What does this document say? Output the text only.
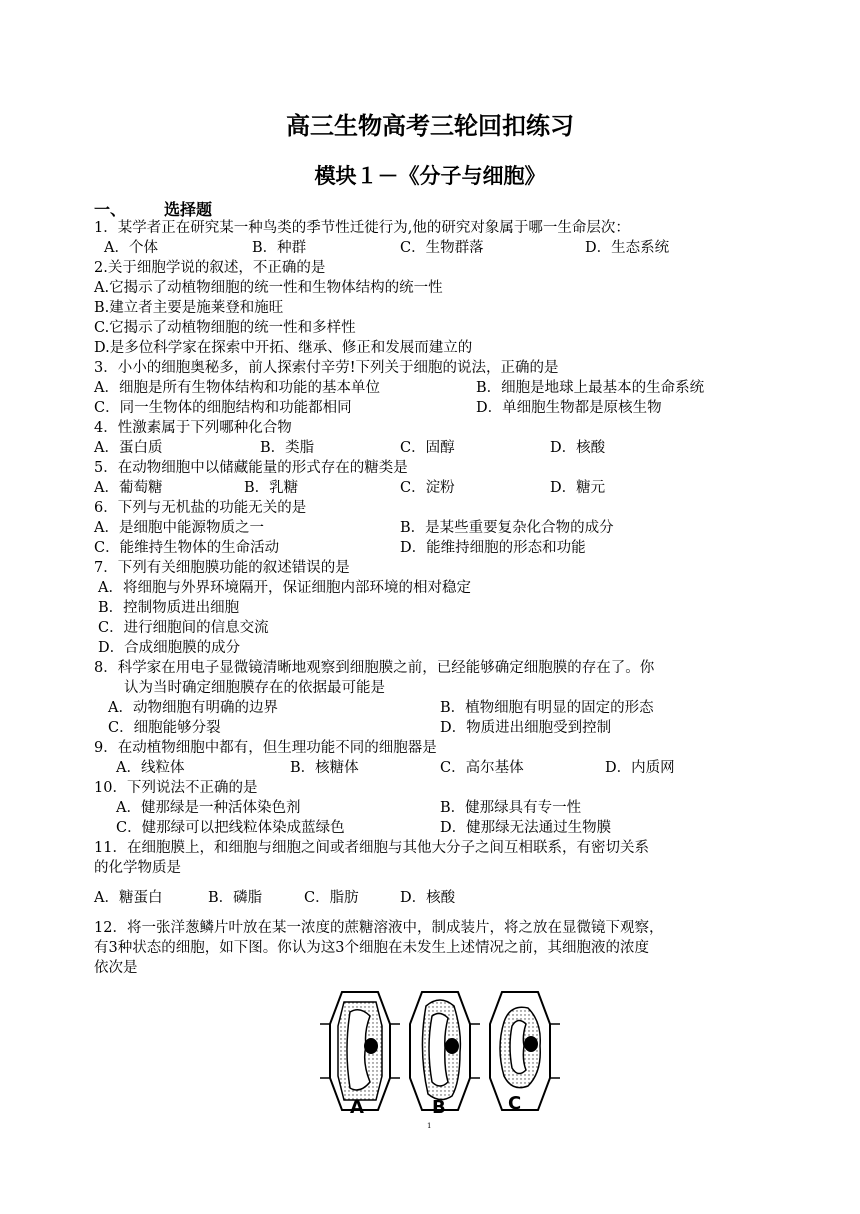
高三生物高考三轮回扣练习
模块１－《分子与细胞》
一、 选择题
1．某学者正在研究某一种鸟类的季节性迁徙行为,他的研究对象属于哪一生命层次：
A．个体	B．种群	C．生物群落	D．生态系统
2.关于细胞学说的叙述，不正确的是
A.它揭示了动植物细胞的统一性和生物体结构的统一性
B.建立者主要是施莱登和施旺
C.它揭示了动植物细胞的统一性和多样性
D.是多位科学家在探索中开拓、继承、修正和发展而建立的
3．小小的细胞奥秘多，前人探索付辛劳!下列关于细胞的说法，正确的是
A．细胞是所有生物体结构和功能的基本单位	B．细胞是地球上最基本的生命系统
C．同一生物体的细胞结构和功能都相同	D．单细胞生物都是原核生物
4．性激素属于下列哪种化合物
A．蛋白质	B．类脂	C．固醇	D．核酸
5．在动物细胞中以储藏能量的形式存在的糖类是
A．葡萄糖	B．乳糖	C．淀粉	D．糖元
6．下列与无机盐的功能无关的是
A．是细胞中能源物质之一	B．是某些重要复杂化合物的成分
C．能维持生物体的生命活动	D．能维持细胞的形态和功能
7．下列有关细胞膜功能的叙述错误的是
A．将细胞与外界环境隔开，保证细胞内部环境的相对稳定
B．控制物质进出细胞
C．进行细胞间的信息交流
D．合成细胞膜的成分
8．科学家在用电子显微镜清晰地观察到细胞膜之前，已经能够确定细胞膜的存在了。你
认为当时确定细胞膜存在的依据最可能是
A．动物细胞有明确的边界	B．植物细胞有明显的固定的形态
C．细胞能够分裂	D．物质进出细胞受到控制
9．在动植物细胞中都有，但生理功能不同的细胞器是
A．线粒体	B．核糖体	C．高尔基体	D．内质网
10．下列说法不正确的是
A．健那绿是一种活体染色剂	B．健那绿具有专一性
C．健那绿可以把线粒体染成蓝绿色	D．健那绿无法通过生物膜
11．在细胞膜上，和细胞与细胞之间或者细胞与其他大分子之间互相联系，有密切关系
的化学物质是
A．糖蛋白	B．磷脂	C．脂肪	D．核酸
12．将一张洋葱鳞片叶放在某一浓度的蔗糖溶液中，制成装片，将之放在显微镜下观察，
有3种状态的细胞，如下图。你认为这3个细胞在未发生上述情况之前，其细胞液的浓度
依次是
A	B	C
1
